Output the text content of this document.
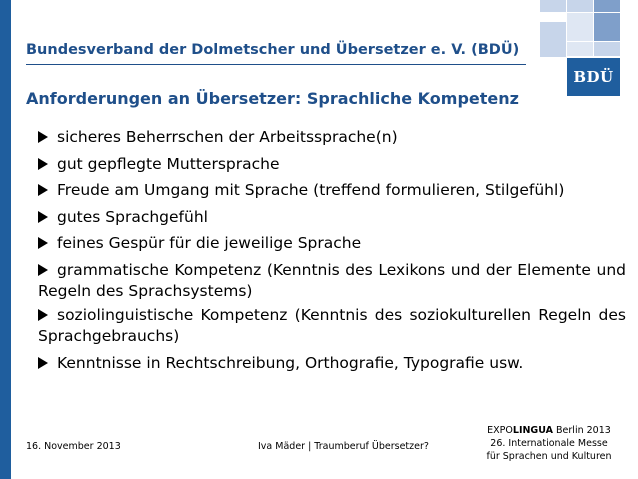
Bundesverband der Dolmetscher und Übersetzer e. V. (BDÜ)
BDÜ
Anforderungen an Übersetzer: Sprachliche Kompetenz
sicheres Beherrschen der Arbeitssprache(n)
gut gepflegte Muttersprache
Freude am Umgang mit Sprache (treffend formulieren, Stilgefühl)
gutes Sprachgefühl
feines Gespür für die jeweilige Sprache
grammatische Kompetenz (Kenntnis des Lexikons und der Elemente und Regeln des Sprachsystems)
soziolinguistische Kompetenz (Kenntnis des soziokulturellen Regeln des Sprachgebrauchs)
Kenntnisse in Rechtschreibung, Orthografie, Typografie usw.
16. November 2013	Iva Mäder | Traumberuf Übersetzer?
EXPOLINGUA Berlin 2013
26. Internationale Messe
für Sprachen und Kulturen
